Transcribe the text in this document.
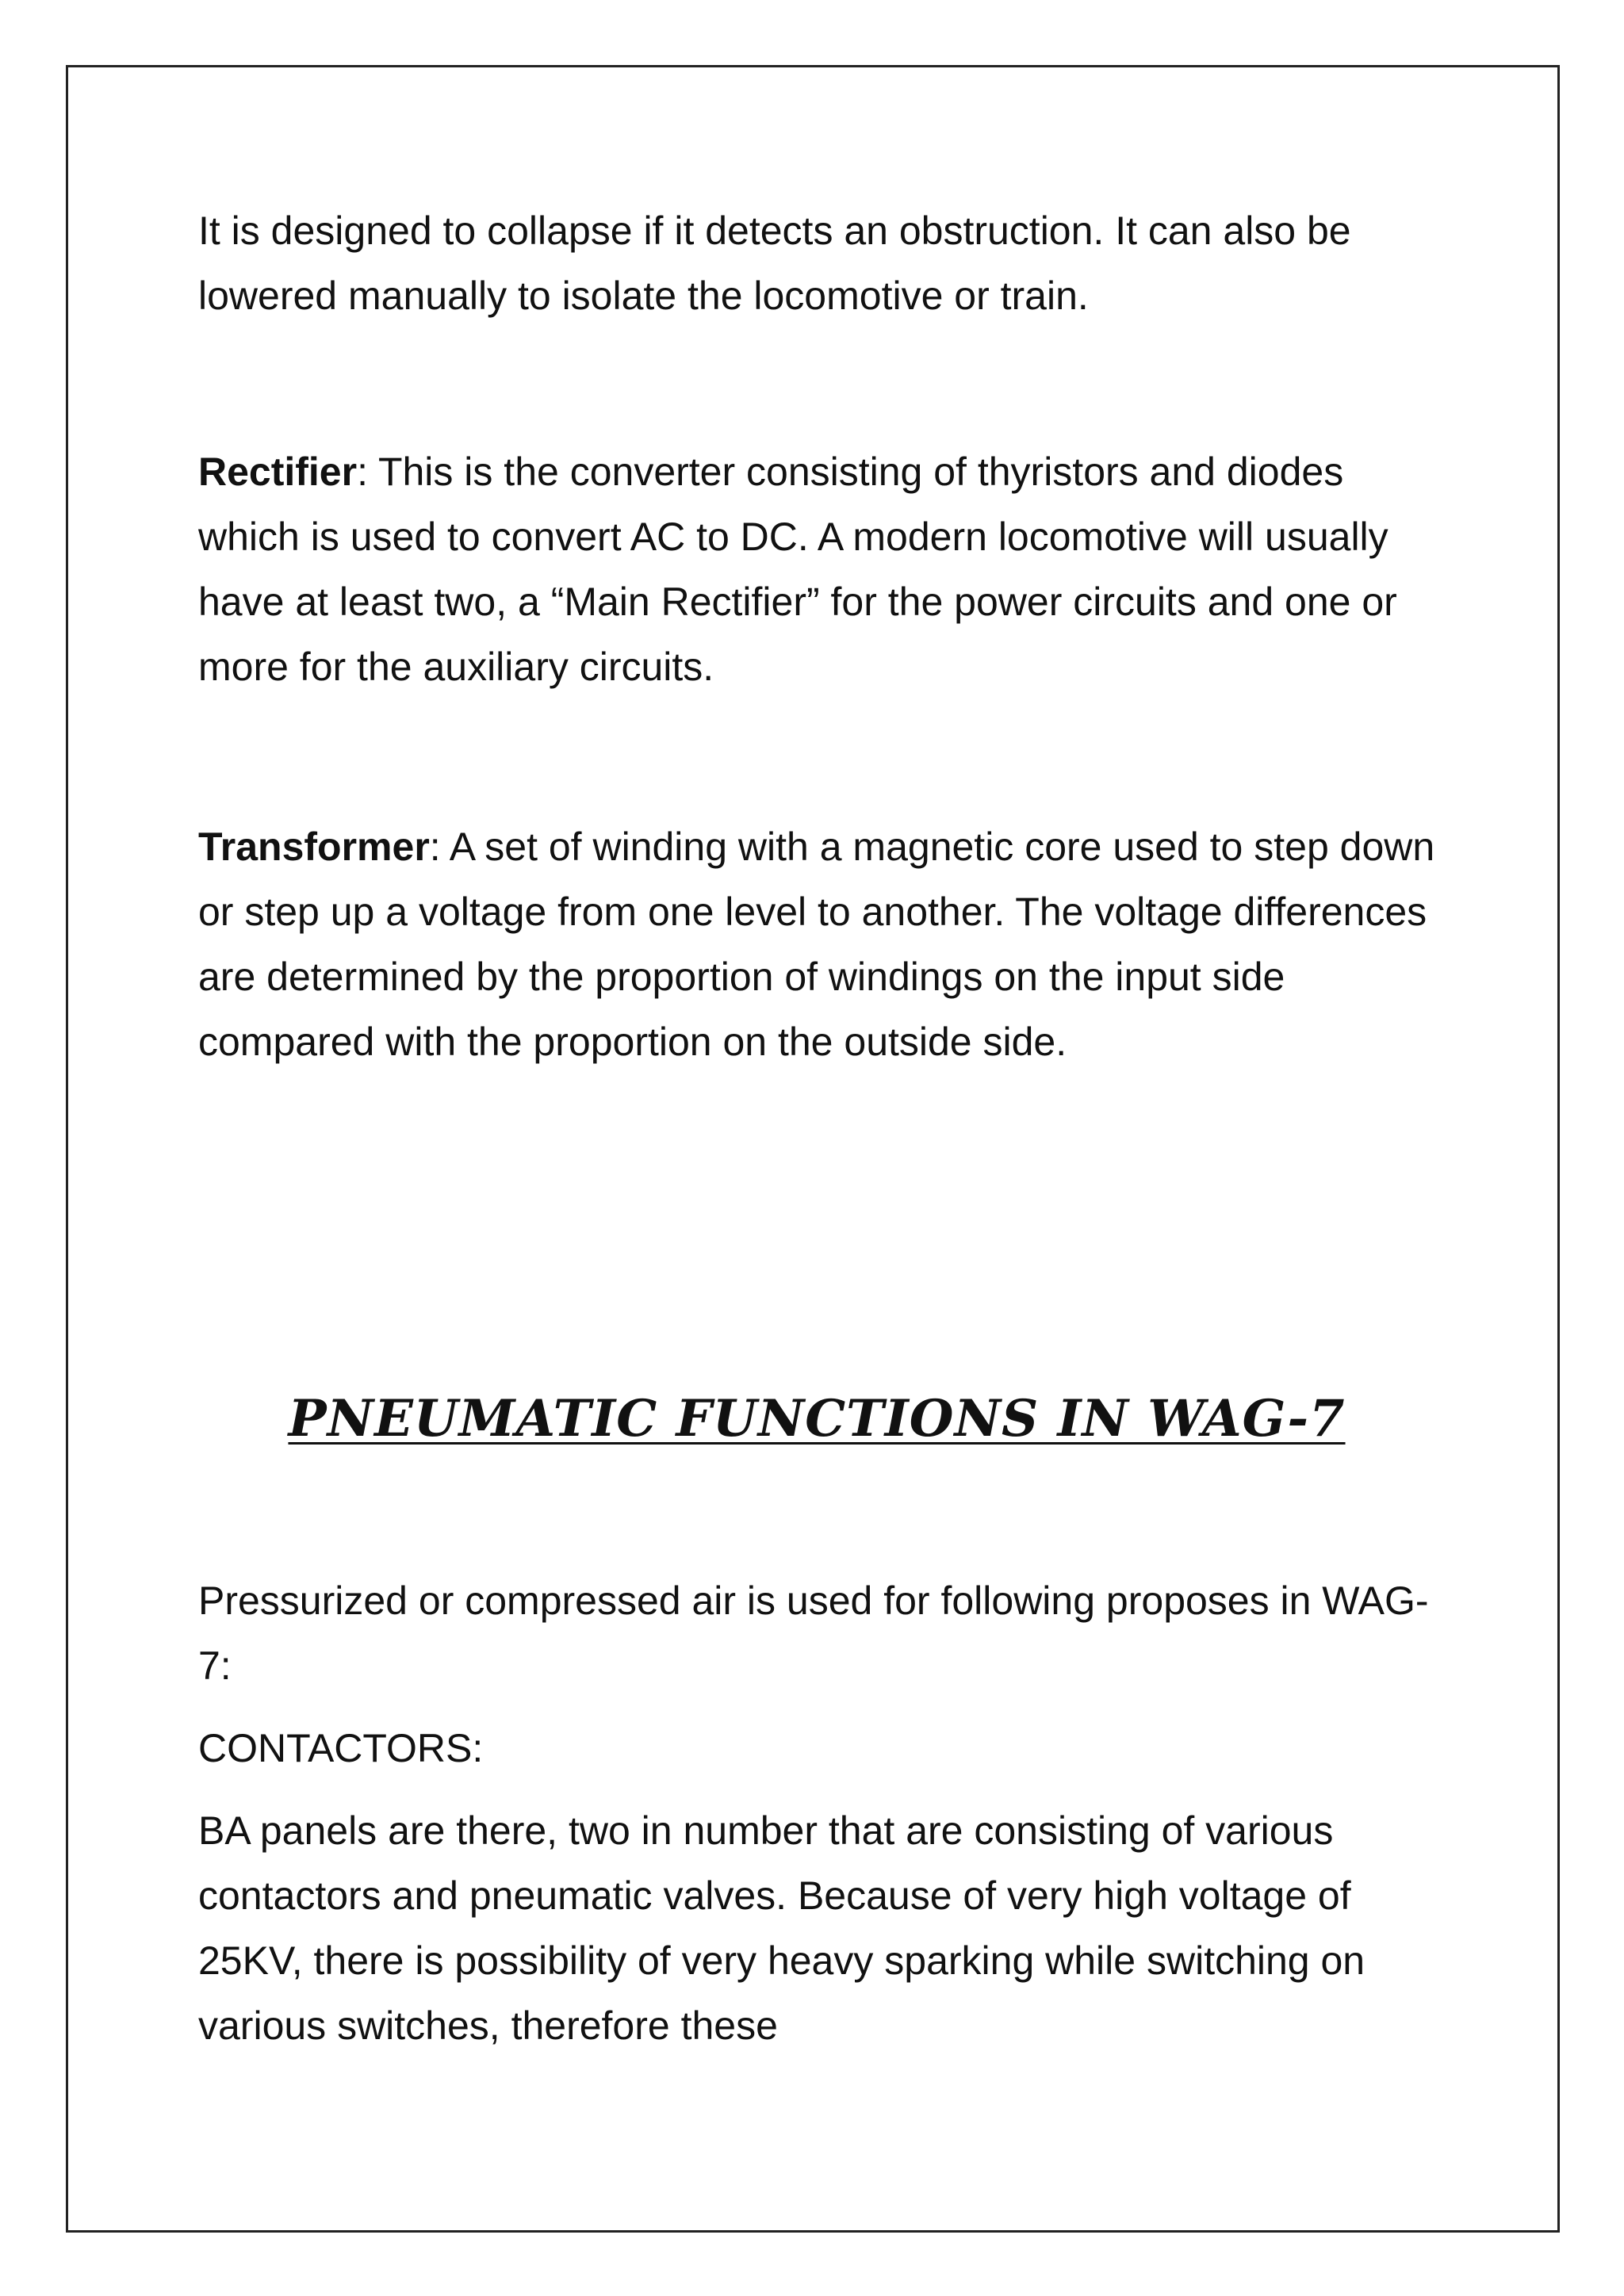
It is designed to collapse if it detects an obstruction. It can also be lowered manually to isolate the locomotive or train.

Rectifier: This is the converter consisting of thyristors and diodes which is used to convert AC to DC. A modern locomotive will usually have at least two, a “Main Rectifier” for the power circuits and one or more for the auxiliary circuits.

Transformer: A set of winding with a magnetic core used to step down or step up a voltage from one level to another. The voltage differences are determined by the proportion of windings on the input side compared with the proportion on the outside side.

PNEUMATIC FUNCTIONS IN WAG-7

Pressurized or compressed air is used for following proposes in WAG-7:

CONTACTORS:

BA panels are there, two in number that are consisting of various contactors and pneumatic valves. Because of very high voltage of 25KV, there is possibility of very heavy sparking while switching on various switches, therefore these
